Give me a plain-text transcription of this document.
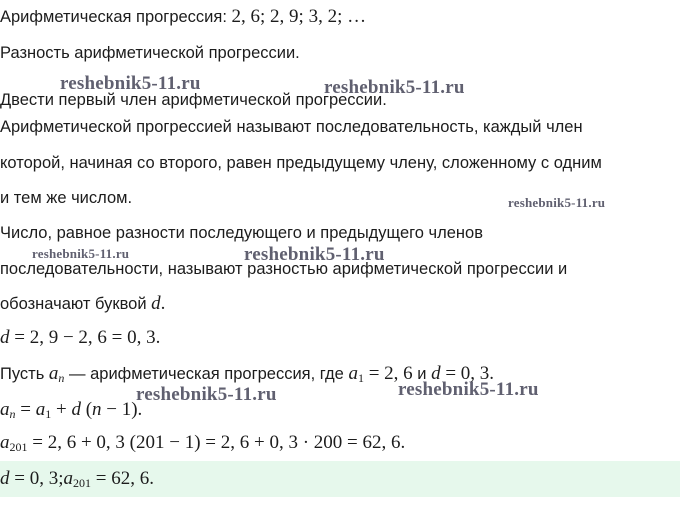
Арифметическая прогрессия: 2, 6; 2, 9; 3, 2; …
Разность арифметической прогрессии.
Двести первый член арифметической прогрессии.
Арифметической прогрессией называют последовательность, каждый член
которой, начиная со второго, равен предыдущему члену, сложенному с одним
и тем же числом.
Число, равное разности последующего и предыдущего членов
последовательности, называют разностью арифметической прогрессии и
обозначают буквой d.
d = 2, 9 − 2, 6 = 0, 3.
Пусть $a_n$ — арифметическая прогрессия, где $a_1 = 2$, 6 и d = 0, 3.
$a_n = a_1 + d$ (n − 1).
$a_{201} = 2$, 6 + 0, 3 (201 − 1) = 2, 6 + 0, 3 · 200 = 62, 6.
d = 0, $3;a_{201} = 62$, 6.
reshebnik5-11.ru	reshebnik5-11.ru
reshebnik5-11.ru
reshebnik5-11.ru	reshebnik5-11.ru
reshebnik5-11.ru	reshebnik5-11.ru
